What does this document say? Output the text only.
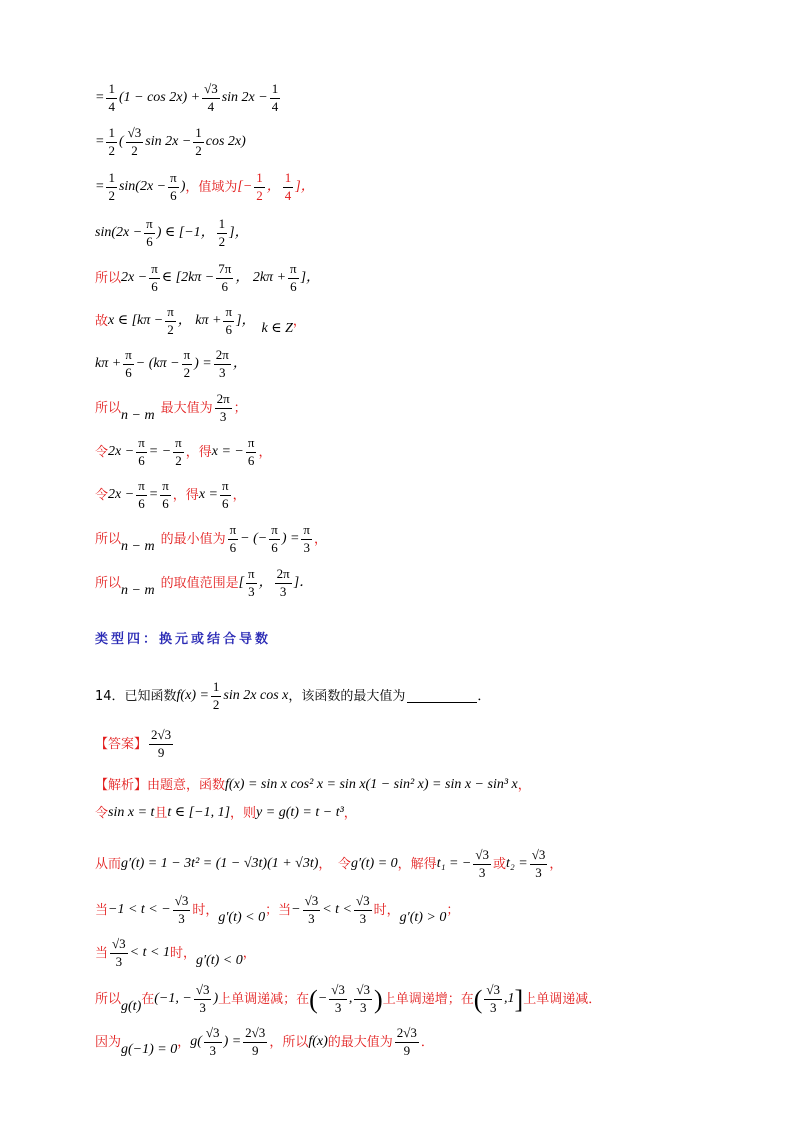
= $\frac{1}{4} (1 - \cos 2x) + \frac{√3}{4}$ $\sin 2x - \frac{1}{4}$
= $\frac{1}{2}$ ( $\frac{√3}{2}$ $\sin 2x - \frac{1}{2}$ cos 2x)
= $\frac{1}{2} \sin(2x - \frac{\pi}{6}$ ) ，值域为 [− $\frac{1}{2}$ ， $\frac{1}{4}$ ]，
$\sin(2x - \frac{\pi}{6}$ ) ∈ [−1， $\frac{1}{2}$ ]，
所以 $2x - \frac{\pi}{6}$ ∈ [$2k\pi - \frac{7\pi}{6}$ ， $2k\pi + \frac{\pi}{6}$ ]，
故 x ∈ [$k\pi - \frac{\pi}{2}$ ， $k\pi + \frac{\pi}{6}$ ]，
k ∈ Z ，
$k\pi + \frac{\pi}{6} - (k\pi - \frac{\pi}{2}$ ) = $\frac{2\pi}{3}$ ，
所以 n − m 最大值为 $\frac{2\pi}{3}$ ；
令 $2x - \frac{\pi}{6}$ = − $\frac{\pi}{2}$ ，得 x = − $\frac{\pi}{6}$ ，
令 $2x - \frac{\pi}{6} = \frac{\pi}{6}$ ，得 $x = \frac{\pi}{6}$ ，
所以 n − m 的最小值为 $\frac{\pi}{6}$ − (− $\frac{\pi}{6}$ ) = $\frac{\pi}{3}$ ，
所以 n − m 的取值范围是 [ $\frac{\pi}{3}$ ， $\frac{2\pi}{3}$ ]．
类型四：换元或结合导数
14．已知函数 $f(x) = \frac{1}{2}$ sin 2x cos x ，该函数的最大值为	．
【答案】 $\frac{2√3}{9}$
【解析】 由题意，函数 f(x) = sin x cos² x = sin x(1 − sin² x) = sin x − sin³ x ，
令 sin x = t 且 t ∈ [−1, 1] ，则 y = g(t) = t − t³ ，
从而 g′(t) = 1 − 3t² = (1 − √3t)(1 + √3t) ，　令 g′(t) = 0 ，解得 t₁ = − $\frac{√3}{3}$ 或 $t_2 = \frac{√3}{3}$ ，
当 −1 < t < − $\frac{√3}{3}$ 时， g′(t) < 0 ；当 − $\frac{√3}{3} < t < \frac{√3}{3}$ 时， g′(t) > 0 ；
当 $\frac{√3}{3} < t < 1$ 时， g′(t) < 0 ，
所以 g(t) 在 (−1, − $\frac{√3}{3}$ ) 上单调递减；在 ( − $\frac{√3}{3}$ , $\frac{√3}{3}$ ) 上单调递增；在 ( $\frac{√3}{3} ,1$ ] 上单调递减．
因为 g(−1) = 0 ， $g( \frac{√3}{3}$ ) = $\frac{2√3}{9}$ ，所以 f(x) 的最大值为 $\frac{2√3}{9}$ ．
